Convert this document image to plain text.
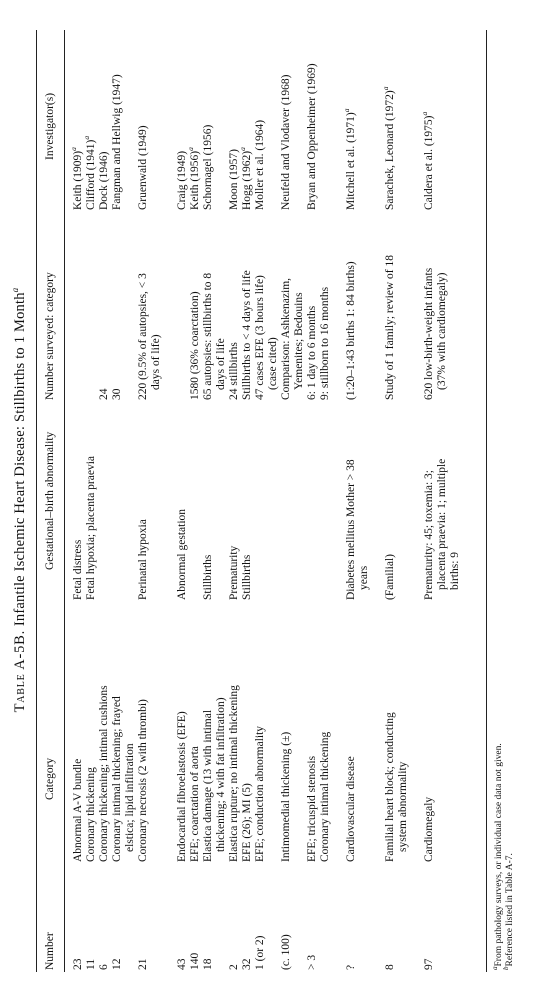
Table A-5B. Infantile Ischemic Heart Disease: Stillbirths to 1 Month$^a$
Number
Category
Gestational–birth abnormality
Number surveyed: category
Investigator(s)
23
Abnormal A-V bundle
Fetal distress
Keith $(1909)^a$
11
Coronary thickening
Fetal hypoxia; placenta praevia
Clifford $(1941)^a$
6
Coronary thickening; intimal cushions
24
Dock (1946)
12
Coronary intimal thickening; frayed elstica; lipid infiltration
30
Fangman and Hellwig (1947)
21
Coronary necrosis (2 with thrombi)
Perinatal hypoxia
220 (9.5% of autopsies, < 3 days of life)
Gruenwald (1949)
43
Endocardial fibroelastosis (EFE)
Abnormal gestation
Craig (1949)
140
EFE; coarctation of aorta
1580 (36% coarctation)
Keith $(1956)^a$
18
Elastica damage (13 with intimal thickening; 4 with fat infiltration)
Stillbirths
65 autopsies: stillbirths to 8 days of life
Schornagel (1956)
2
Elastica rupture; no intimal thickening
Prematurity
24 stillbirths
Moon (1957)
32
EFE (26); MI (5)
Stillbirths
Stillbirths to < 4 days of life
Hogg $(1962)^a$
1 (or 2)
EFE; conduction abnormality
47 cases EFE (3 hours life) (case cited)
Moller et al. (1964)
(c. 100)
Intimomedial thickening (±)
Comparison: Ashkenazim, Yemenites; Bedouins
Neufeld and Vlodaver (1968)
> 3
EFE; tricuspid stenosis
6: 1 day to 6 months
Bryan and Oppenheimer (1969)
Coronary intimal thickening
9: stillborn to 16 months
?
Cardiovascular disease
Diabetes mellitus Mother > 38 years
(1:20–1:43 births 1: 84 births)
Mitchell et al. $(1971)^a$
8
Familial heart block; conducting system abnormality
(Familial)
Study of 1 family; review of 18
Sarachek, Leonard $(1972)^a$
97
Cardiomegaly
Prematurity: 45; toxemia: 3; placenta praevia: 1; multiple births: 9
620 low-birth-weight infants (37% with cardiomegaly)
Caldera et al. $(1975)^a$
$^a$From pathology surveys, or individual case data not given.
$^b$Reference listed in Table A-7.
